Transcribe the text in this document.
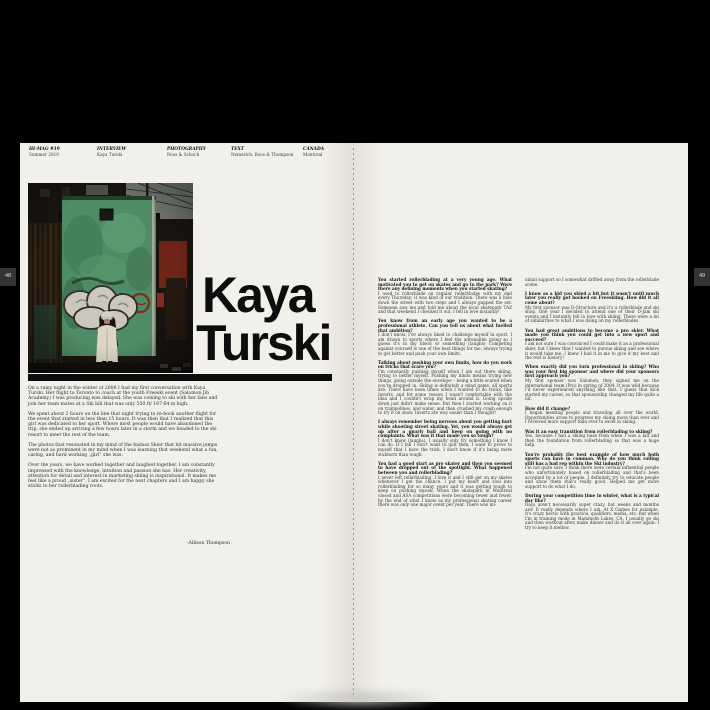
HI-MAG #19
Summer 2010
INTERVIEW
Kaya Turski
PHOTOGRAPHY
Roos & Schoch
TEXT
Nemerich, Roos & Thompson
CANADA
Montreal
Kaya
Turski

On a rainy night in the winter of 2008 I had my first conversation with Kaya Turski. Her flight to Toronto to coach at the youth Freeski event (Salomon Jib Academy) I was producing was delayed. She was coming to ski with her fans and join her team mates at a Ski hill that was only 550 ft/ 167.64 m high.

We spent about 2 hours on the line that night trying to re-book another flight for the event that started in less than 15 hours. It was then that I realized that this girl was dedicated to her sport. Where most people would have abandoned the trip, she ended up arriving a few hours later in a storm and we headed to the ski resort to meet the rest of the team.

The photos that resonated in my mind of the badass Skier that hit massive jumps were not as prominent in my mind when I was learning that weekend what a fun, caring, and hard working „girl“ she was.

Over the years, we have worked together and laughed together. I am constantly impressed with the knowledge, intuition and passion she has. Her creativity, attention for detail and interest in marketing skiing is inspirational. It makes me feel like a proud „sister“. I am excited for the next chapters and I am happy she sticks to her rollerblading roots.

-Allison Thompson
You started rollerblading at a very young age. What motivated you to get on skates and go to the park? Were there any defining moments when you started skating?
I used to rollerblade on regular rollerblades with my dad every Thursday; it was kind of our tradition. There was a hole down the street with two steps and I always gapped the set. Someone saw me and told me about the local skatepark TAZ and that weekend I checked it out. I fell in love instantly!
You know from an early age you wanted to be a professional athlete. Can you tell us about what fuelled that ambition?
I don't know. I've always liked to challenge myself in sport. I am drawn to sports where I feel the adrenaline going so I guess it's in my blood or something (laughs) Competing against yourself is one of the best things for me, always trying to get better and push your own limits.
Talking about pushing your own limits, how do you work on tricks that scare you?
I'm constantly pushing myself when I am out there skiing, trying to better myself. Pushing my limits means trying new things, going outside the envelope – being a little scared when you're dropped in. Skiing is definitely a mind game, all sports are. There have been times when I wanted to do tricks, like inverts, and for some reason I wasn't comfortable with the idea and I couldn't wrap my head around it. Going upside down just didn't make sense. But then I started working on it on trampolines, and water, and then crushed my crash enough to try it on snow. Inverts are way easier than I thought!
I always remember being nervous about you getting hurt while shooting street skating. Yet, you would always get up after a gnarly bail and keep on going with no complaints. What was it that made you so tough?
I don't know (laughs). I usually only try something I know I can do. If I fall I don't want to quit then, I want to prove to myself that I have the trick. I don't know if it's being more stubborn than tough.
You had a good start as pro skater and then you seemed to have dropped out of the spotlight. What happened between you and rollerblading?
I never left rollerblading. I love it and I still get on my skates whenever I get the chance. I put my heart and soul into rollerblading for so many years and it was getting tough to keep on pushing myself. When the skatepark in Montreal closed and ASA competitions were becoming fewer and fewer, by the end of what I knew as my professional skating career there was only one major event per year. There was mi-
nimal support so I somewhat drifted away from the rollerblade scene.
I know as a kid you skied a bit but it wasn't until much later you really got hooked on Freeskiing. How did it all come about?
My first sponsor was D-Structure and it's a rollerblade and ski shop. One year I decided to attend one of their D-Jam ski events and I instantly fell in love with skiing. There were a lot of similarities to what I was doing on my rollerblades.
You had great ambitions to become a pro skier. What made you think you could get into a new sport and succeed?
I am not sure I was convinced I could make it as a professional skier, but I knew that I wanted to pursue skiing and see where it would take me. I knew I had it in me to give it my best and the rest is history!
When exactly did you turn professional in skiing? Who was your first big sponsor and where did your sponsors first approach you?
My first sponsor was Salomon; they signed me on the international team (Pro) in spring of 2004. It was wild because I'd never experienced anything like that. I guess that kick started my career, so that sponsorship changed my life quite a bit.
How did it change?
I began meeting people and traveling all over the world. Opportunities arose to progress my skiing more than ever and I received more support than ever to excel in skiing.
Was it an easy transition from rollerblading to skiing?
Yes, because I had a skiing base from when I was a kid and then the foundation from rollerblading so that was a huge help.
You're probably the best example of how much both sports can have in common. Why do you think rolling still has a bad rep within the Ski industry?
I'm not quite sure. I think there were certain influential people who unfortunately based on rollerblading and that's been accepted by a lot of people. I definitely try to educate people and show them that's really good. Helped me get more support to do what I do.
During your competition time in winter, what is a typical day like?
Days aren't necessarily super crazy, but weeks and months are! It really depends where I am. At X Games for example, it's crazy hectic with practice, qualifiers, media, etc. But when I'm in training mode in Mammoth Lakes, CA, I usually go ski and then workout after, make dinner and do it all over again. I try to keep it mellow.
48	49
